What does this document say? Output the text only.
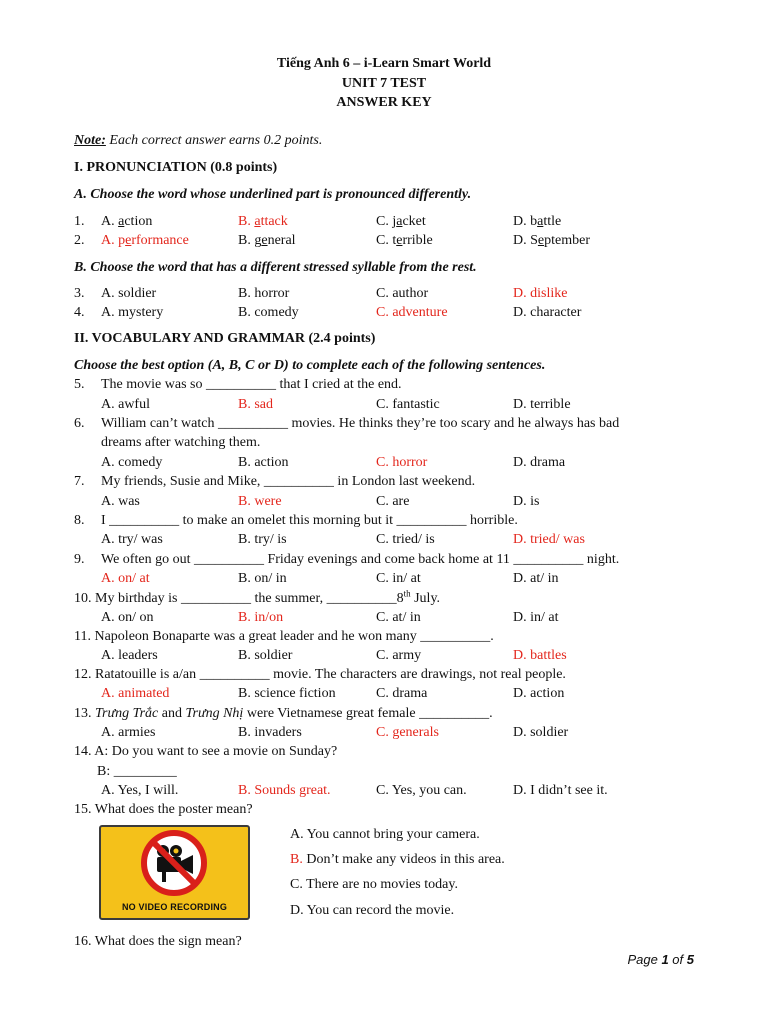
Tiếng Anh 6 – i-Learn Smart World
UNIT 7 TEST
ANSWER KEY
Note: Each correct answer earns 0.2 points.
I. PRONUNCIATION (0.8 points)
A. Choose the word whose underlined part is pronounced differently.
1. A. action	B. attack	C. jacket	D. battle
2. A. performance	B. general	C. terrible	D. September
B. Choose the word that has a different stressed syllable from the rest.
3. A. soldier	B. horror	C. author	D. dislike
4. A. mystery	B. comedy	C. adventure	D. character
II. VOCABULARY AND GRAMMAR (2.4 points)
Choose the best option (A, B, C or D) to complete each of the following sentences.
5. The movie was so __________ that I cried at the end.
A. awful	B. sad	C. fantastic	D. terrible
6. William can’t watch __________ movies. He thinks they’re too scary and he always has bad
dreams after watching them.
A. comedy	B. action	C. horror	D. drama
7. My friends, Susie and Mike, __________ in London last weekend.
A. was	B. were	C. are	D. is
8. I __________ to make an omelet this morning but it __________ horrible.
A. try/ was	B. try/ is	C. tried/ is	D. tried/ was
9. We often go out __________ Friday evenings and come back home at 11 __________ night.
A. on/ at	B. on/ in	C. in/ at	D. at/ in
10. My birthday is __________ the summer, __________8th July.
A. on/ on	B. in/on	C. at/ in	D. in/ at
11. Napoleon Bonaparte was a great leader and he won many __________.
A. leaders	B. soldier	C. army	D. battles
12. Ratatouille is a/an __________ movie. The characters are drawings, not real people.
A. animated	B. science fiction	C. drama	D. action
13. Trưng Trắc and Trưng Nhị were Vietnamese great female __________.
A. armies	B. invaders	C. generals	D. soldier
14. A: Do you want to see a movie on Sunday?
B: _________
A. Yes, I will.	B. Sounds great.	C. Yes, you can.	D. I didn’t see it.
15. What does the poster mean?
NO VIDEO RECORDING
A. You cannot bring your camera.
B. Don’t make any videos in this area.
C. There are no movies today.
D. You can record the movie.
16. What does the sign mean?
Page 1 of 5
